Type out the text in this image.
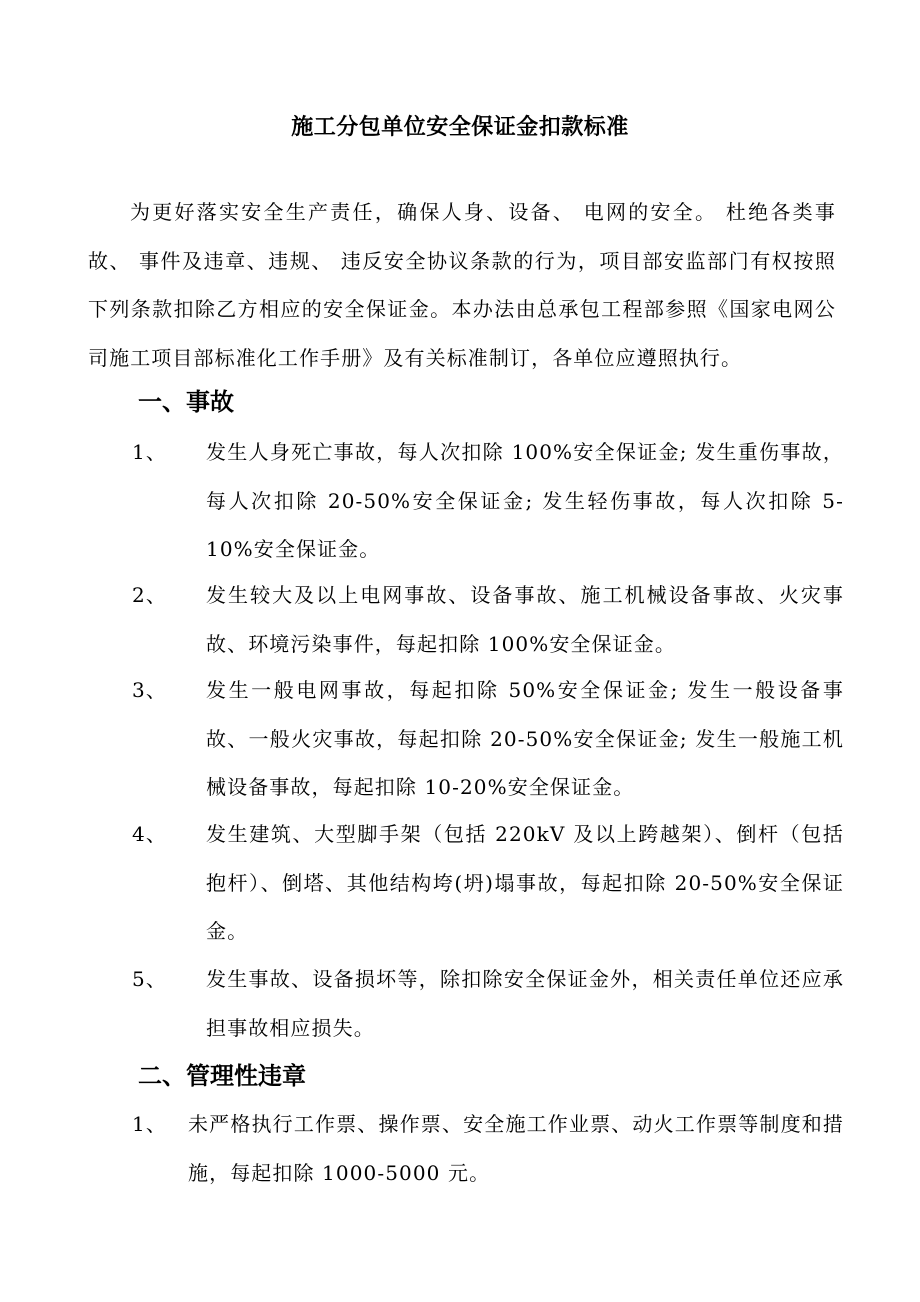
施工分包单位安全保证金扣款标准

为更好落实安全生产责任，确保人身、设备、 电网的安全。 杜绝各类事故、 事件及违章、违规、 违反安全协议条款的行为，项目部安监部门有权按照下列条款扣除乙方相应的安全保证金。本办法由总承包工程部参照《国家电网公司施工项目部标准化工作手册》及有关标准制订，各单位应遵照执行。

一、事故
1、	发生人身死亡事故，每人次扣除 100%安全保证金; 发生重伤事故，每人次扣除 20-50%安全保证金; 发生轻伤事故，每人次扣除 5-10%安全保证金。
2、	发生较大及以上电网事故、设备事故、施工机械设备事故、火灾事故、环境污染事件，每起扣除 100%安全保证金。
3、	发生一般电网事故，每起扣除 50%安全保证金; 发生一般设备事故、一般火灾事故，每起扣除 20-50%安全保证金; 发生一般施工机械设备事故，每起扣除 10-20%安全保证金。
4、	发生建筑、大型脚手架（包括 220kV 及以上跨越架）、倒杆（包括抱杆）、倒塔、其他结构垮(坍)塌事故，每起扣除 20-50%安全保证金。
5、	发生事故、设备损坏等，除扣除安全保证金外，相关责任单位还应承担事故相应损失。
二、管理性违章
1、	未严格执行工作票、操作票、安全施工作业票、动火工作票等制度和措施，每起扣除 1000-5000 元。
